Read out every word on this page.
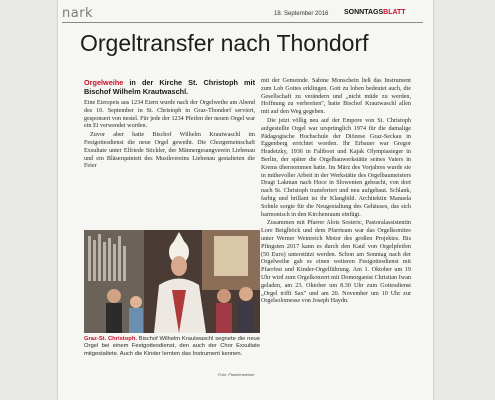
nark	18. September 2016 SONNTAGSBLATT
Orgeltransfer nach Thondorf
Orgelweihe in der Kirche St. Christoph mit Bischof Wilhelm Krautwaschl.

Eine Eierspeis aus 1234 Eiern wurde nach der Orgelweihe am Abend des 10. September in St. Christoph in Graz-Thondorf serviert, gesponsert von nestel. Für jede der 1234 Pfeifen der neuen Orgel war ein Ei verwendet worden.

Zuvor aber hatte Bischof Wilhelm Krautwaschl im Festgottesdienst die neue Orgel geweiht. Die Chorgemeinschaft Exsultate unter Elfriede Stickler, der Männergesangverein Liebenau und ein Bläserquintett des Musikvereins Liebenau gestalteten die Feier

Graz-St. Christoph. Bischof Wilhelm Krautwaschl segnete die neue Orgel bei einem Festgottesdienst, den auch der Chor Exsultate mitgestaltete. Auch die Kinder lernten das Instrument kennen.
Foto: Plankensteiner

mit der Gemeinde. Sabine Monschein ließ das Instrument zum Lob Gottes erklingen. Gott zu loben bedeutet auch, die Gesellschaft zu verändern und „nicht müde zu werden, Hoffnung zu verbreiten", hatte Bischof Krautwaschl allen mit auf den Weg gegeben.

Die jetzt völlig neu auf der Empore von St. Christoph aufgestellte Orgel war ursprünglich 1974 für die damalige Pädagogische Hochschule der Diözese Graz-Seckau in Eggenberg errichtet worden. Ihr Erbauer war Gregor Hradetzky, 1936 in Faltboot und Kajak Olympiasieger in Berlin, der später die Orgelbauwerkstätte seines Vaters in Krems übernommen hatte. Im März des Vorjahres wurde sie in mühevoller Arbeit in der Werkstätte des Orgelbaumeisters Dragi Lakman nach Hoce in Slowenien gebracht, von dort nach St. Christoph transferiert und neu aufgebaut. Schlank, farbig und brillant ist ihr Klangbild. Architektin Manuela Sohnle sorgte für die Neugestaltung des Gehäuses, das sich harmonisch in den Kirchenraum einfügt.

Zusammen mit Pfarrer Alois Sosteric, Pastoralassistentin Lore Beiglböck und dem Pfarrteam war das Orgelkomitee unter Werner Weinreich Motor des großen Projektes. Bis Pfingsten 2017 kann es durch den Kauf von Orgelpfeifen (50 Euro) unterstützt werden. Schon am Sonntag nach der Orgelweihe gab es einen weiteren Festgottesdienst mit Pfarrfest und Kinder-Orgelführung. Am 1. Oktober um 19 Uhr wird zum Orgelkonzert mit Domorganist Christian Iwan geladen, am 23. Oktober um 8.30 Uhr zum Gottesdienst „Orgel trifft Sax" und am 20. November um 10 Uhr zur Orgelsolomesse von Joseph Haydn.
